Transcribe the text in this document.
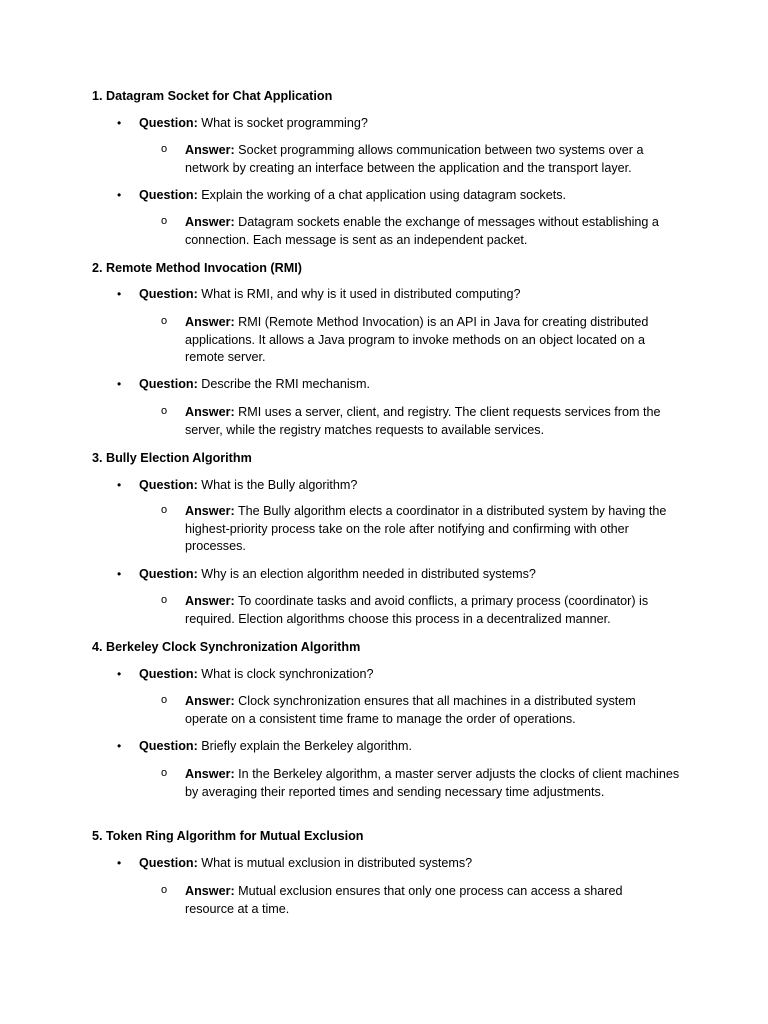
1. Datagram Socket for Chat Application
•	Question: What is socket programming?
o	Answer: Socket programming allows communication between two systems over a network by creating an interface between the application and the transport layer.
•	Question: Explain the working of a chat application using datagram sockets.
o	Answer: Datagram sockets enable the exchange of messages without establishing a connection. Each message is sent as an independent packet.
2. Remote Method Invocation (RMI)
•	Question: What is RMI, and why is it used in distributed computing?
o	Answer: RMI (Remote Method Invocation) is an API in Java for creating distributed applications. It allows a Java program to invoke methods on an object located on a remote server.
•	Question: Describe the RMI mechanism.
o	Answer: RMI uses a server, client, and registry. The client requests services from the server, while the registry matches requests to available services.
3. Bully Election Algorithm
•	Question: What is the Bully algorithm?
o	Answer: The Bully algorithm elects a coordinator in a distributed system by having the highest-priority process take on the role after notifying and confirming with other processes.
•	Question: Why is an election algorithm needed in distributed systems?
o	Answer: To coordinate tasks and avoid conflicts, a primary process (coordinator) is required. Election algorithms choose this process in a decentralized manner.
4. Berkeley Clock Synchronization Algorithm
•	Question: What is clock synchronization?
o	Answer: Clock synchronization ensures that all machines in a distributed system operate on a consistent time frame to manage the order of operations.
•	Question: Briefly explain the Berkeley algorithm.
o	Answer: In the Berkeley algorithm, a master server adjusts the clocks of client machines by averaging their reported times and sending necessary time adjustments.
5. Token Ring Algorithm for Mutual Exclusion
•	Question: What is mutual exclusion in distributed systems?
o	Answer: Mutual exclusion ensures that only one process can access a shared resource at a time.
